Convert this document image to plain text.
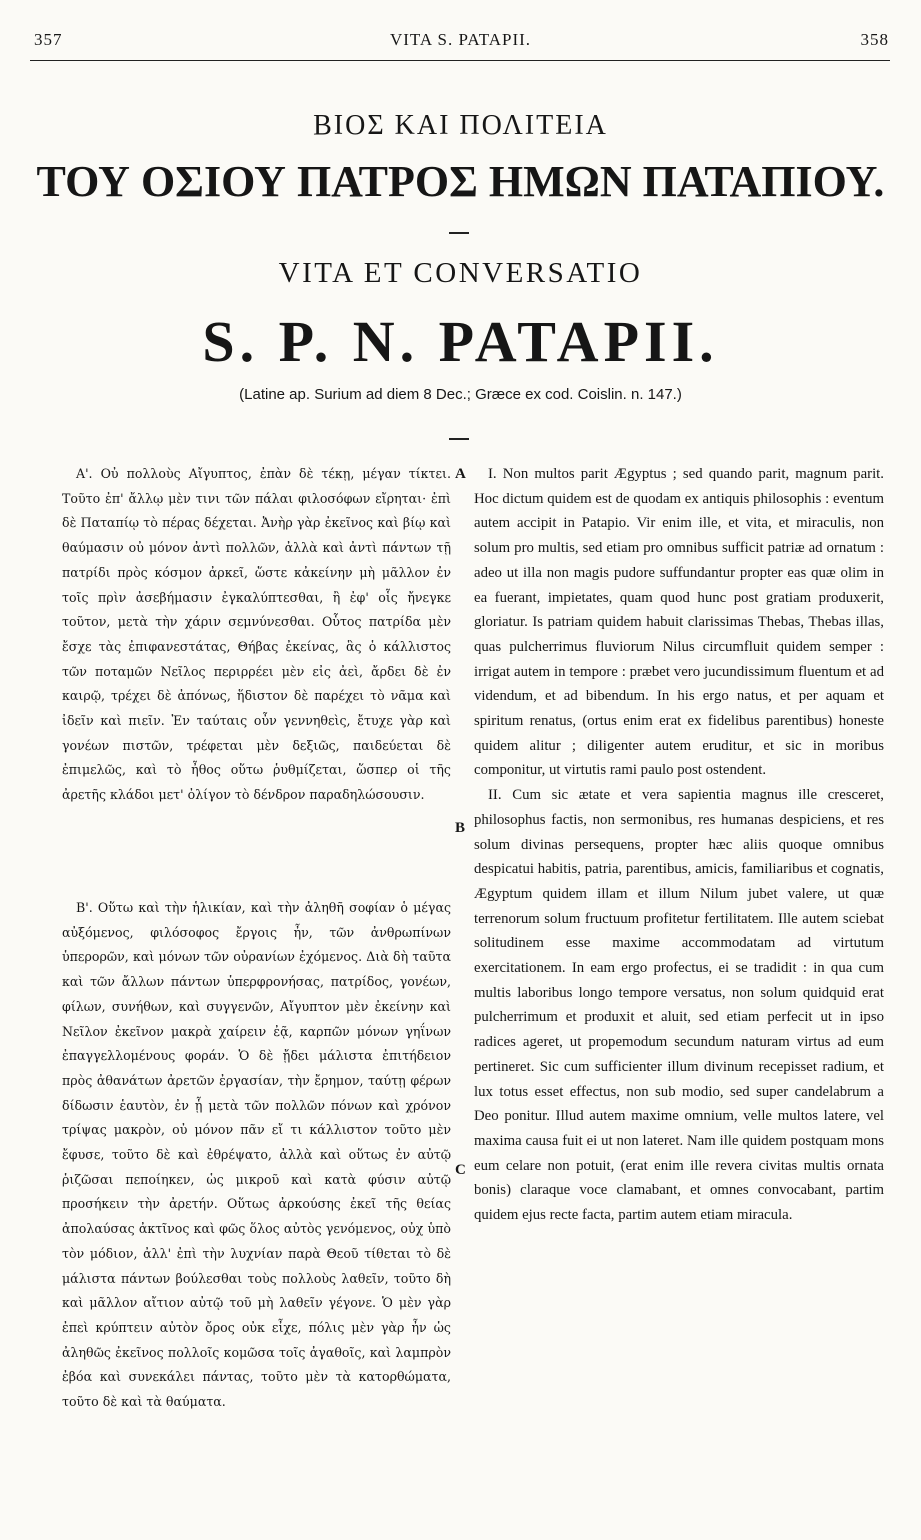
357	VITA S. PATAPII.	358
ΒΙΟΣ ΚΑΙ ΠΟΛΙΤΕΙΑ
ΤΟΥ ΟΣΙΟΥ ΠΑΤΡΟΣ ΗΜΩΝ ΠΑΤΑΠΙΟΥ.
VITA ET CONVERSATIO
S. P. N. PATAPII.
(Latine ap. Surium ad diem 8 Dec.; Græce ex cod. Coislin. n. 147.)
A
B
C

Α'. Οὐ πολλοὺς Αἴγυπτος, ἐπὰν δὲ τέκῃ, μέγαν τίκτει. Τοῦτο ἐπ' ἄλλῳ μὲν τινι τῶν πάλαι φιλοσόφων εἴρηται· ἐπὶ δὲ Παταπίῳ τὸ πέρας δέχεται. Ἀνὴρ γὰρ ἐκεῖνος καὶ βίῳ καὶ θαύμασιν οὐ μόνον ἀντὶ πολλῶν, ἀλλὰ καὶ ἀντὶ πάντων τῇ πατρίδι πρὸς κόσμον ἀρκεῖ, ὥστε κἀκείνην μὴ μᾶλλον ἐν τοῖς πρὶν ἀσεβήμασιν ἐγκαλύπτεσθαι, ἢ ἐφ' οἷς ἤνεγκε τοῦτον, μετὰ τὴν χάριν σεμνύνεσθαι. Οὗτος πατρίδα μὲν ἔσχε τὰς ἐπιφανεστάτας, Θήβας ἐκείνας, ἃς ὁ κάλλιστος τῶν ποταμῶν Νεῖλος περιρρέει μὲν εἰς ἀεὶ, ἄρδει δὲ ἐν καιρῷ, τρέχει δὲ ἀπόνως, ἥδιστον δὲ παρέχει τὸ νᾶμα καὶ ἰδεῖν καὶ πιεῖν. Ἐν ταύταις οὖν γεννηθεὶς, ἔτυχε γὰρ καὶ γονέων πιστῶν, τρέφεται μὲν δεξιῶς, παιδεύεται δὲ ἐπιμελῶς, καὶ τὸ ἦθος οὕτω ῥυθμίζεται, ὥσπερ οἱ τῆς ἀρετῆς κλάδοι μετ' ὀλίγον τὸ δένδρον παραδηλώσουσιν.

Β'. Οὕτω καὶ τὴν ἡλικίαν, καὶ τὴν ἀληθῆ σοφίαν ὁ μέγας αὐξόμενος, φιλόσοφος ἔργοις ἦν, τῶν ἀνθρωπίνων ὑπερορῶν, καὶ μόνων τῶν οὐρανίων ἐχόμενος. Διὰ δὴ ταῦτα καὶ τῶν ἄλλων πάντων ὑπερφρονήσας, πατρίδος, γονέων, φίλων, συνήθων, καὶ συγγενῶν, Αἴγυπτον μὲν ἐκείνην καὶ Νεῖλον ἐκεῖνον μακρὰ χαίρειν ἐᾷ, καρπῶν μόνων γηΐνων ἐπαγγελλομένους φοράν. Ὁ δὲ ᾔδει μάλιστα ἐπιτήδειον πρὸς ἀθανάτων ἀρετῶν ἐργασίαν, τὴν ἔρημον, ταύτῃ φέρων δίδωσιν ἑαυτὸν, ἐν ᾗ μετὰ τῶν πολλῶν πόνων καὶ χρόνον τρίψας μακρὸν, οὐ μόνον πᾶν εἴ τι κάλλιστον τοῦτο μὲν ἔφυσε, τοῦτο δὲ καὶ ἐθρέψατο, ἀλλὰ καὶ οὕτως ἐν αὐτῷ ῥιζῶσαι πεποίηκεν, ὡς μικροῦ καὶ κατὰ φύσιν αὐτῷ προσήκειν τὴν ἀρετήν. Οὕτως ἀρκούσης ἐκεῖ τῆς θείας ἀπολαύσας ἀκτῖνος καὶ φῶς ὅλος αὐτὸς γενόμενος, οὐχ ὑπὸ τὸν μόδιον, ἀλλ' ἐπὶ τὴν λυχνίαν παρὰ Θεοῦ τίθεται τὸ δὲ μάλιστα πάντων βούλεσθαι τοὺς πολλοὺς λαθεῖν, τοῦτο δὴ καὶ μᾶλλον αἴτιον αὐτῷ τοῦ μὴ λαθεῖν γέγονε. Ὁ μὲν γὰρ ἐπεὶ κρύπτειν αὐτὸν ὄρος οὐκ εἶχε, πόλις μὲν γὰρ ἦν ὡς ἀληθῶς ἐκεῖνος πολλοῖς κομῶσα τοῖς ἀγαθοῖς, καὶ λαμπρὸν ἐβόα καὶ συνεκάλει πάντας, τοῦτο μὲν τὰ κατορθώματα, τοῦτο δὲ καὶ τὰ θαύματα.

I. Non multos parit Ægyptus ; sed quando parit, magnum parit. Hoc dictum quidem est de quodam ex antiquis philosophis : eventum autem accipit in Patapio. Vir enim ille, et vita, et miraculis, non solum pro multis, sed etiam pro omnibus sufficit patriæ ad ornatum : adeo ut illa non magis pudore suffundantur propter eas quæ olim in ea fuerant, impietates, quam quod hunc post gratiam produxerit, gloriatur. Is patriam quidem habuit clarissimas Thebas, Thebas illas, quas pulcherrimus fluviorum Nilus circumfluit quidem semper : irrigat autem in tempore : præbet vero jucundissimum fluentum et ad videndum, et ad bibendum. In his ergo natus, et per aquam et spiritum renatus, (ortus enim erat ex fidelibus parentibus) honeste quidem alitur ; diligenter autem eruditur, et sic in moribus componitur, ut virtutis rami paulo post ostendent.

II. Cum sic ætate et vera sapientia magnus ille cresceret, philosophus factis, non sermonibus, res humanas despiciens, et res solum divinas persequens, propter hæc aliis quoque omnibus despicatui habitis, patria, parentibus, amicis, familiaribus et cognatis, Ægyptum quidem illam et illum Nilum jubet valere, ut quæ terrenorum solum fructuum profitetur fertilitatem. Ille autem sciebat solitudinem esse maxime accommodatam ad virtutum exercitationem. In eam ergo profectus, ei se tradidit : in qua cum multis laboribus longo tempore versatus, non solum quidquid erat pulcherrimum et produxit et aluit, sed etiam perfecit ut in ipso radices ageret, ut propemodum secundum naturam virtus ad eum pertineret. Sic cum sufficienter illum divinum recepisset radium, et lux totus esset effectus, non sub modio, sed super candelabrum a Deo ponitur. Illud autem maxime omnium, velle multos latere, vel maxima causa fuit ei ut non lateret. Nam ille quidem postquam mons eum celare non potuit, (erat enim ille revera civitas multis ornata bonis) claraque voce clamabant, et omnes convocabant, partim quidem ejus recte facta, partim autem etiam miracula.
